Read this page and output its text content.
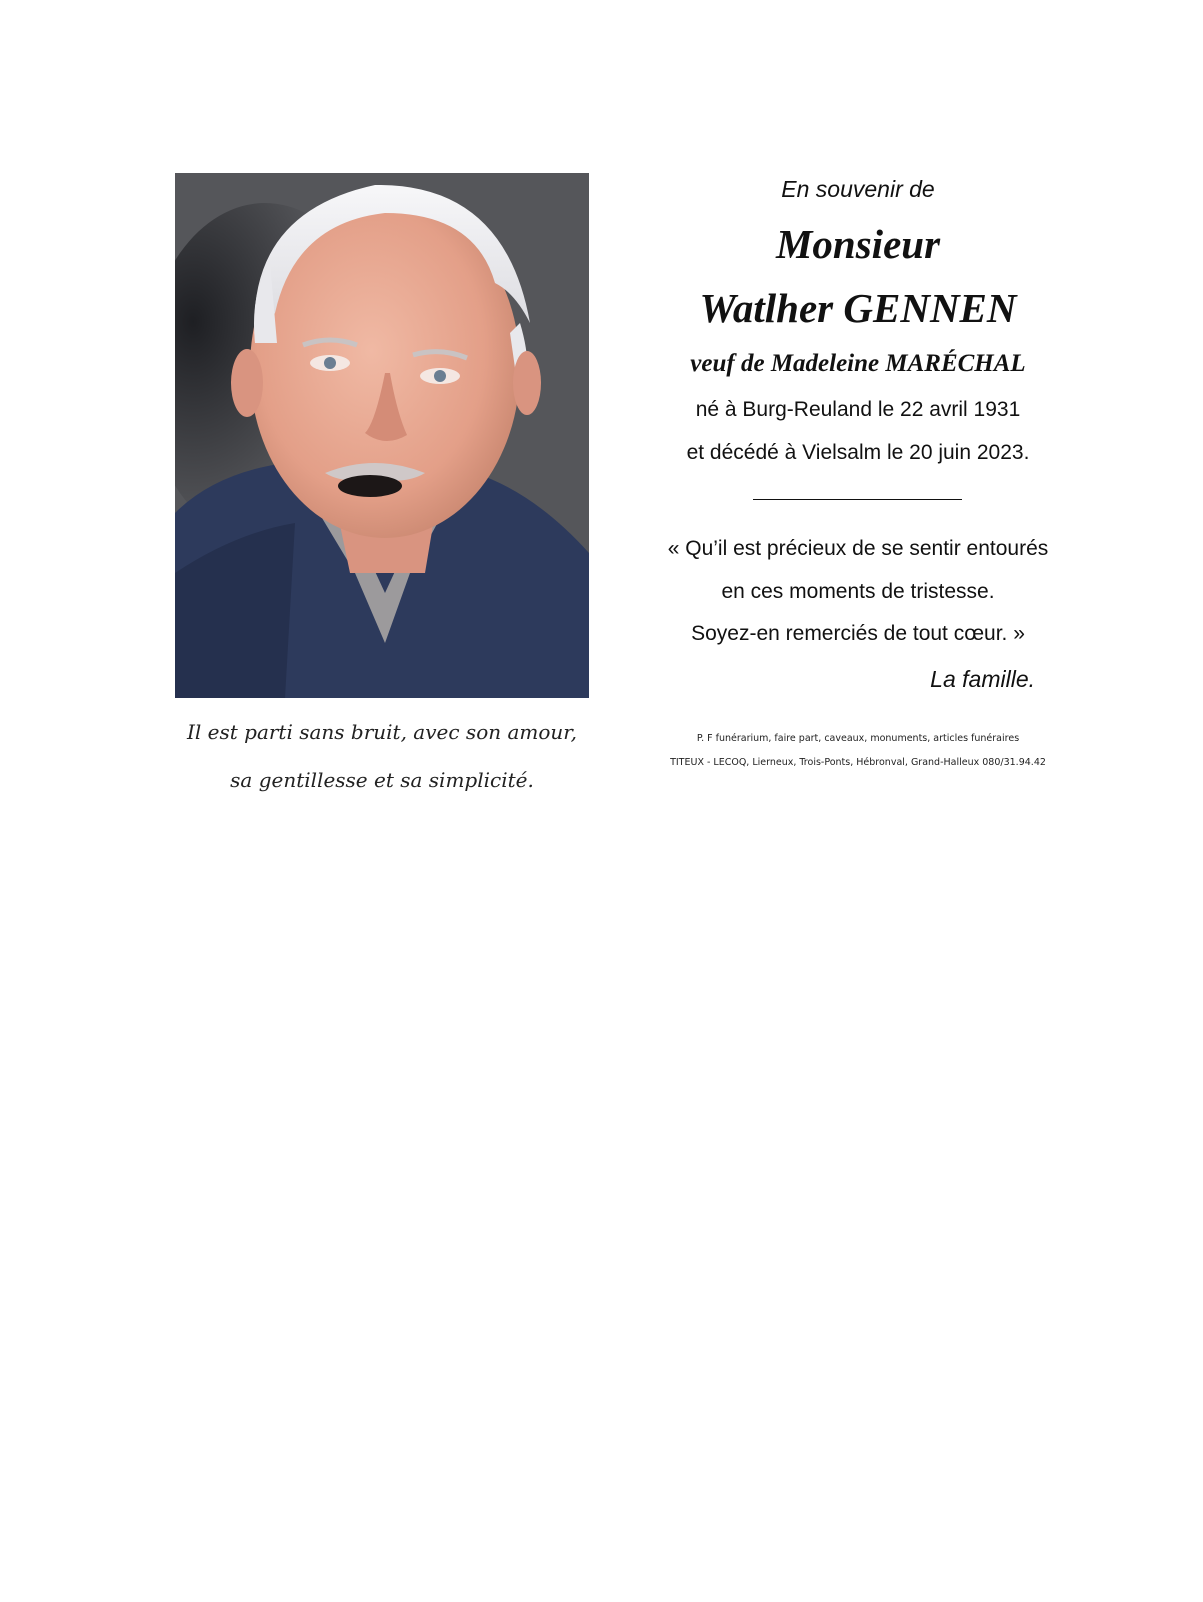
Il est parti sans bruit, avec son amour,
sa gentillesse et sa simplicité.
En souvenir de
Monsieur
Watlher GENNEN
veuf de Madeleine MARÉCHAL
né à Burg-Reuland le 22 avril 1931
et décédé à Vielsalm le 20 juin 2023.
« Qu’il est précieux de se sentir entourés
en ces moments de tristesse.
Soyez-en remerciés de tout cœur. »
La famille.
P. F funérarium, faire part, caveaux, monuments, articles funéraires
TITEUX - LECOQ, Lierneux, Trois-Ponts, Hébronval, Grand-Halleux 080/31.94.42
